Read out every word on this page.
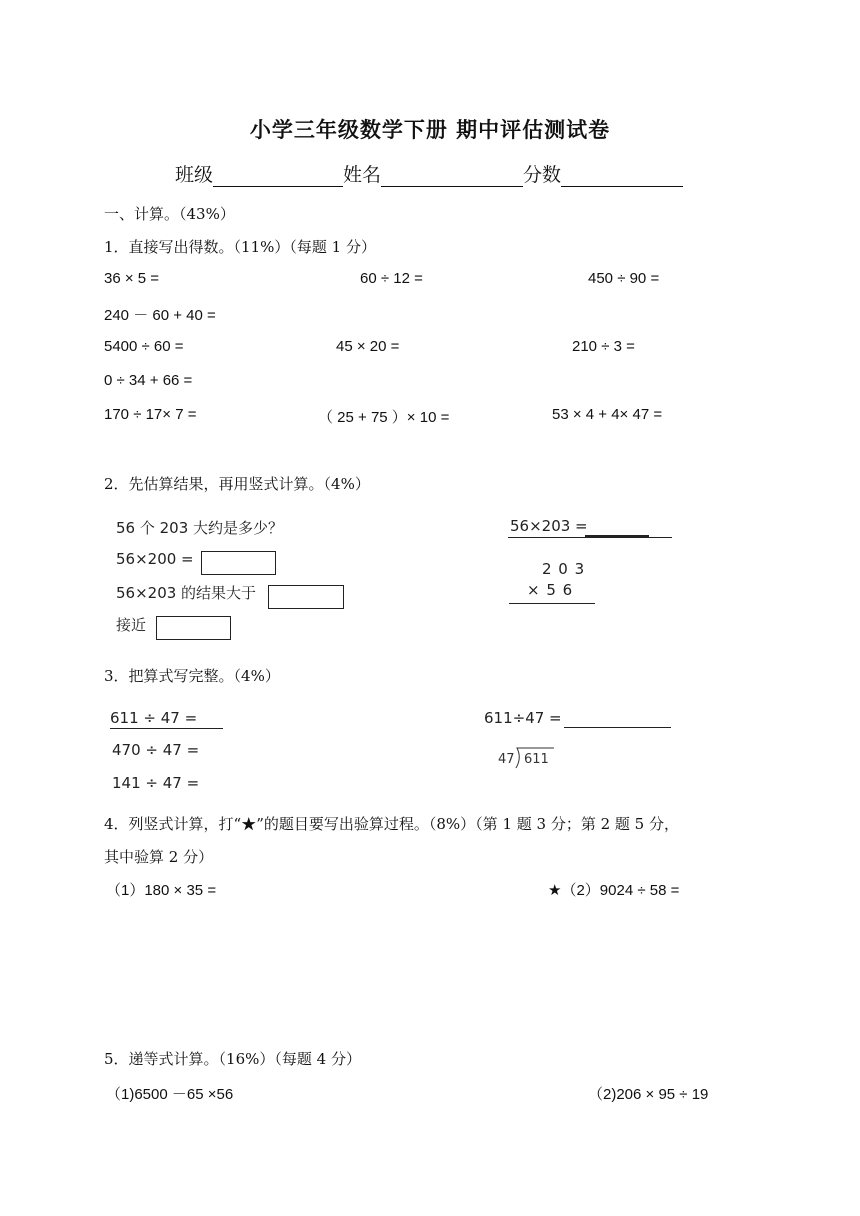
小学三年级数学下册 期中评估测试卷
班级	姓名	分数
一、计算。（43%）
1．直接写出得数。（11%）（每题 1 分）
36 × 5 =	60 ÷ 12 =	450 ÷ 90 =
240 － 60 + 40 =
5400 ÷ 60 =	45 × 20 =	210 ÷ 3 =
0 ÷ 34 + 66 =
170 ÷ 17× 7 =	（ 25 + 75 ）× 10 =	53 × 4 + 4× 47 =
2．先估算结果，再用竖式计算。（4%）
56 个 203 大约是多少？
56×200 =
56×203 的结果大于
接近
56×203 =
2 0 3
× 5 6
3．把算式写完整。（4%）
611 ÷ 47 =
470 ÷ 47 =
141 ÷ 47 =
611÷47 =
47 611
4．列竖式计算，打“★”的题目要写出验算过程。（8%）（第 1 题 3 分；第 2 题 5 分，
其中验算 2 分）
（1）180 × 35 =	★（2）9024 ÷ 58 =
5．递等式计算。（16%）（每题 4 分）
（1)6500 －65 ×56	（2)206 × 95 ÷ 19
